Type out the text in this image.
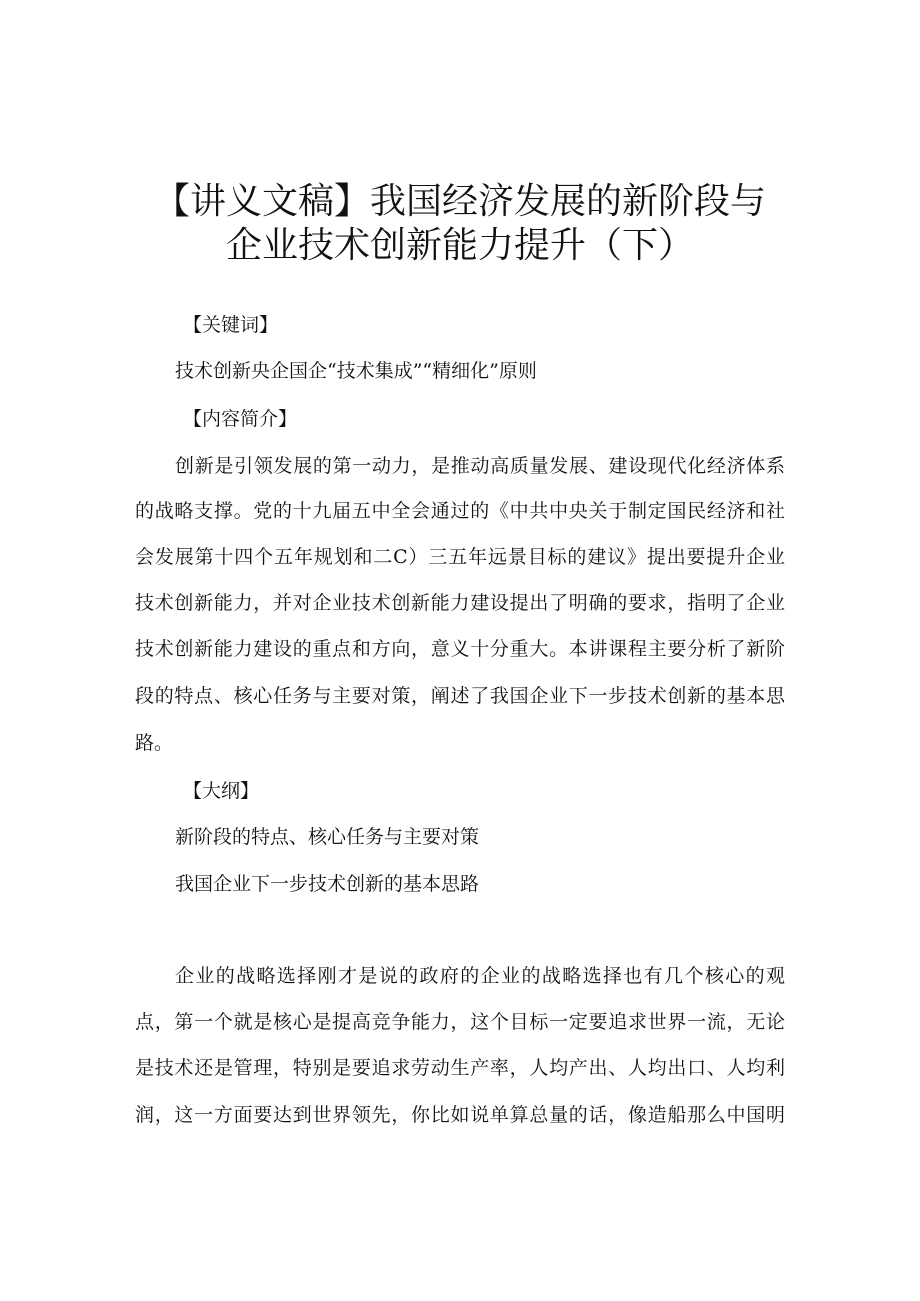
【讲义文稿】我国经济发展的新阶段与
企业技术创新能力提升（下）
【关键词】
技术创新央企国企“技术集成”“精细化”原则
【内容简介】
创新是引领发展的第一动力，是推动高质量发展、建设现代化经济体系
的战略支撑。党的十九届五中全会通过的《中共中央关于制定国民经济和社
会发展第十四个五年规划和二C）三五年远景目标的建议》提出要提升企业
技术创新能力，并对企业技术创新能力建设提出了明确的要求，指明了企业
技术创新能力建设的重点和方向，意义十分重大。本讲课程主要分析了新阶
段的特点、核心任务与主要对策，阐述了我国企业下一步技术创新的基本思
路。
【大纲】
新阶段的特点、核心任务与主要对策
我国企业下一步技术创新的基本思路
企业的战略选择刚才是说的政府的企业的战略选择也有几个核心的观
点，第一个就是核心是提高竞争能力，这个目标一定要追求世界一流，无论
是技术还是管理，特别是要追求劳动生产率，人均产出、人均出口、人均利
润，这一方面要达到世界领先，你比如说单算总量的话，像造船那么中国明
